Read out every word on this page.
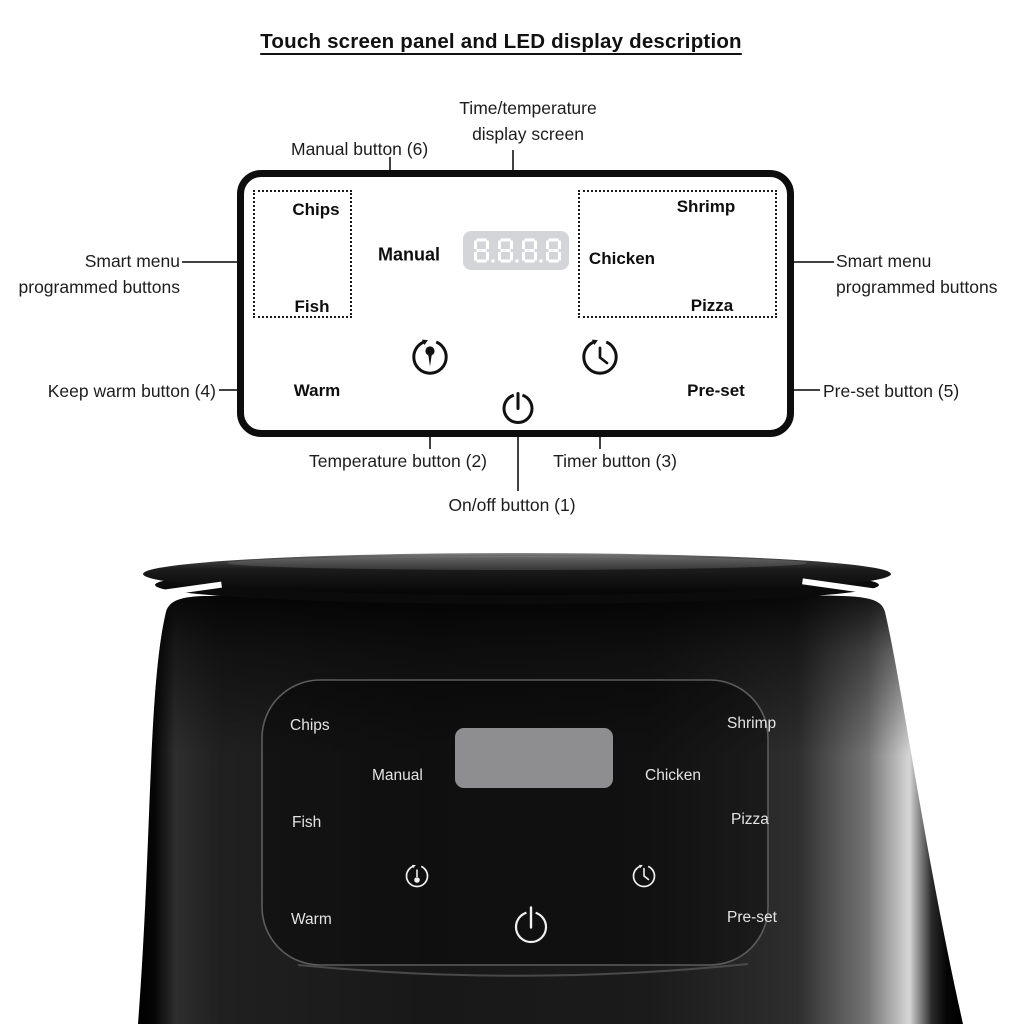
Touch screen panel and LED display description
Time/temperature
display screen
Manual button (6)
Smart menu
programmed buttons
Smart menu
programmed buttons
Keep warm button (4)	Pre-set button (5)
Temperature button (2)	Timer button (3)
On/off button (1)
Chips
Fish
Manual
Shrimp
Chicken
Pizza
Warm	Pre-set
Chips	Shrimp
Manual	Chicken
Fish	Pizza
Warm	Pre-set
